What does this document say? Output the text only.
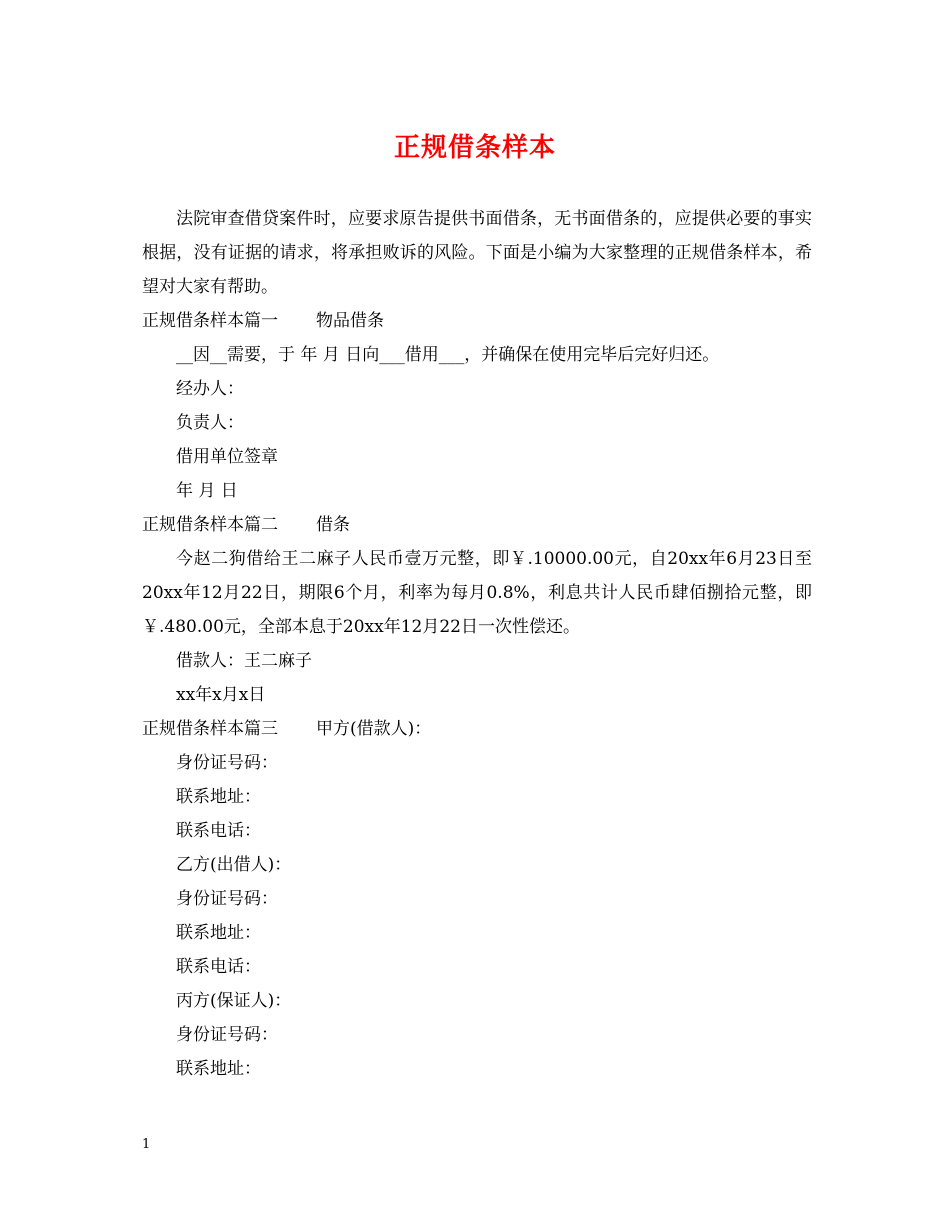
正规借条样本

法院审查借贷案件时，应要求原告提供书面借条，无书面借条的，应提供必要的事实根据，没有证据的请求，将承担败诉的风险。下面是小编为大家整理的正规借条样本，希望对大家有帮助。

正规借条样本篇一 物品借条

__因__需要，于 年 月 日向___借用___，并确保在使用完毕后完好归还。

经办人：

负责人：

借用单位签章

年 月 日

正规借条样本篇二 借条

今赵二狗借给王二麻子人民币壹万元整，即￥.10000.00元，自20xx年6月23日至20xx年12月22日，期限6个月，利率为每月0.8%，利息共计人民币肆佰捌拾元整，即￥.480.00元，全部本息于20xx年12月22日一次性偿还。

借款人：王二麻子

xx年x月x日

正规借条样本篇三 甲方(借款人)：

身份证号码：

联系地址：

联系电话：

乙方(出借人)：

身份证号码：

联系地址：

联系电话：

丙方(保证人)：

身份证号码：

联系地址：

1
